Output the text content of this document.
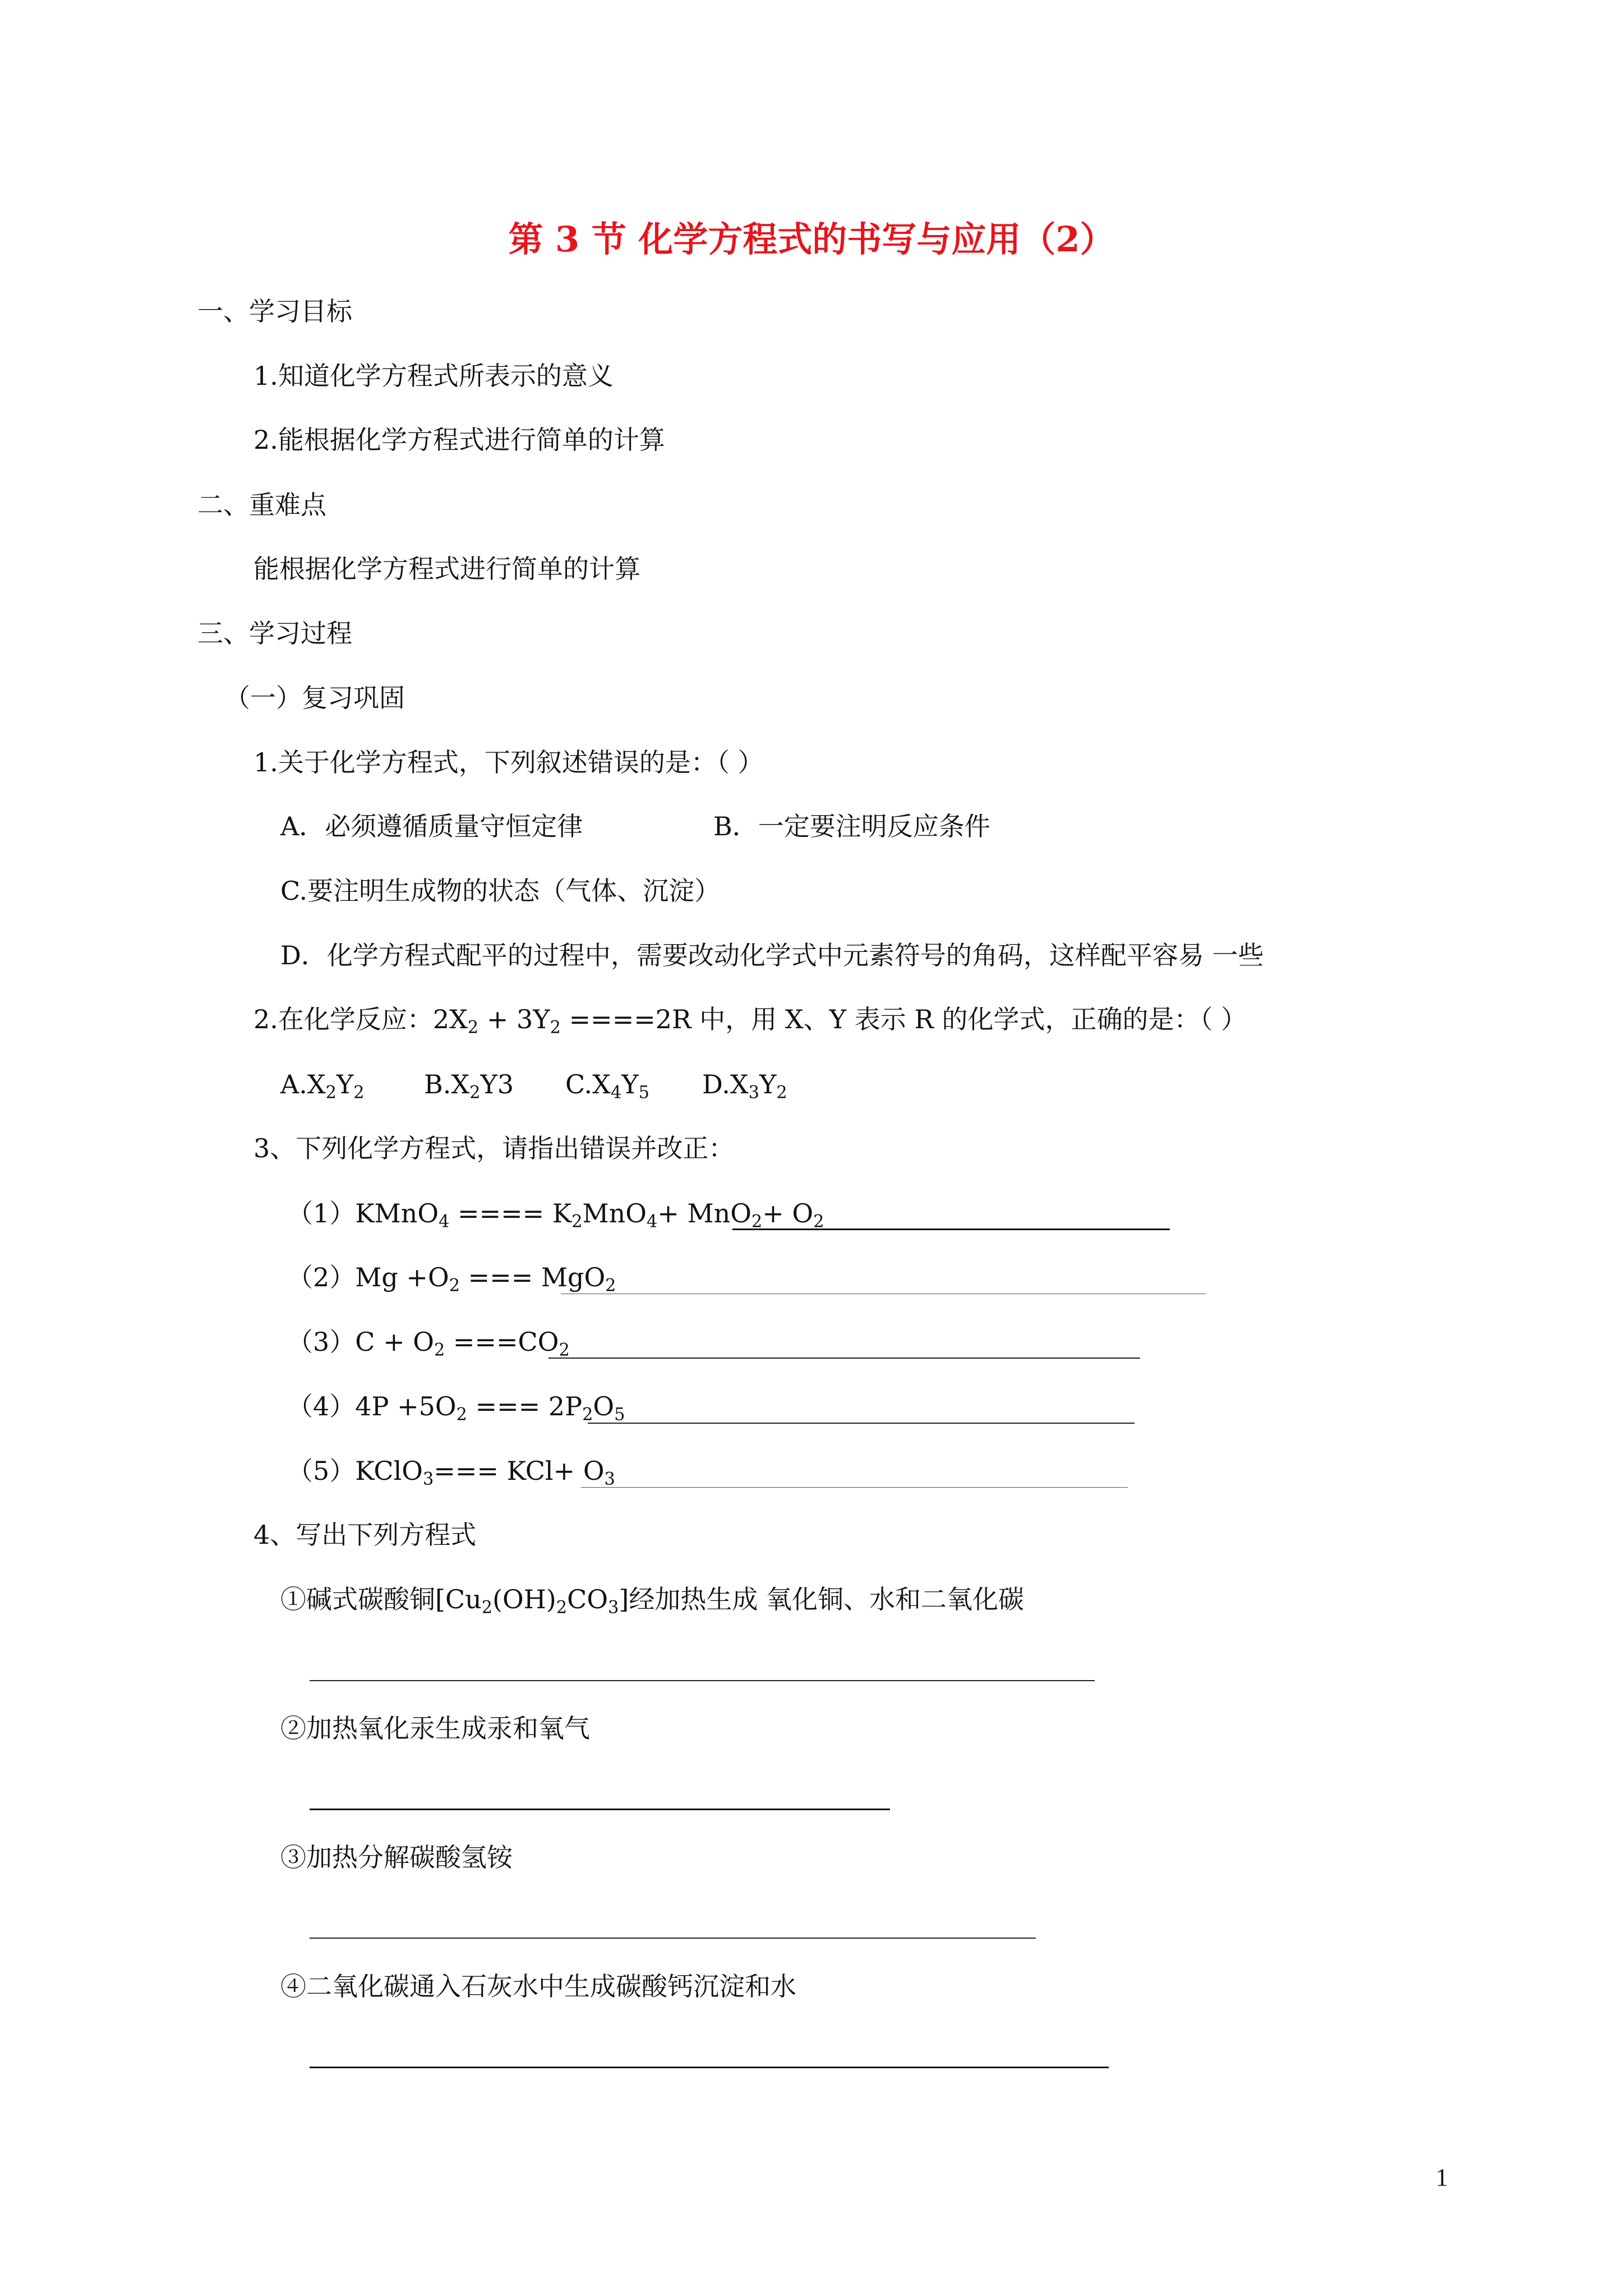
第 3 节 化学方程式的书写与应用（2）
一、学习目标
1.知道化学方程式所表示的意义
2.能根据化学方程式进行简单的计算
二、重难点
能根据化学方程式进行简单的计算
三、学习过程
（一）复习巩固
1.关于化学方程式，下列叙述错误的是：（ ）
A．必须遵循质量守恒定律	B．一定要注明反应条件
C.要注明生成物的状态（气体、沉淀）
D．化学方程式配平的过程中，需要改动化学式中元素符号的角码，这样配平容易 一些
2.在化学反应：$2X_2 + 3Y_2 ====2R$ 中，用 X、Y 表示 R 的化学式，正确的是：（ ）
$A.X_2Y_2$ $B.X_2Y3$ $C.X_4Y_5$ $D.X_3Y_2$
3、下列化学方程式，请指出错误并改正：
（1）KMnO$_4$ ==== $K_2MnO_4+ MnO_2+ O_2$
$(2)Mg +O_2$ === MgO$_2$
$(3)C + O_2 ===CO_2$
$(4)4P +5O_2$ === $2P_2O_5$
（5）KClO$_3$=== $KCl+ O_3$
4、写出下列方程式
①碱式碳酸铜$[Cu_2(OH)_2CO_3]$经加热生成 氧化铜、水和二氧化碳
②加热氧化汞生成汞和氧气
③加热分解碳酸氢铵
④二氧化碳通入石灰水中生成碳酸钙沉淀和水
1
